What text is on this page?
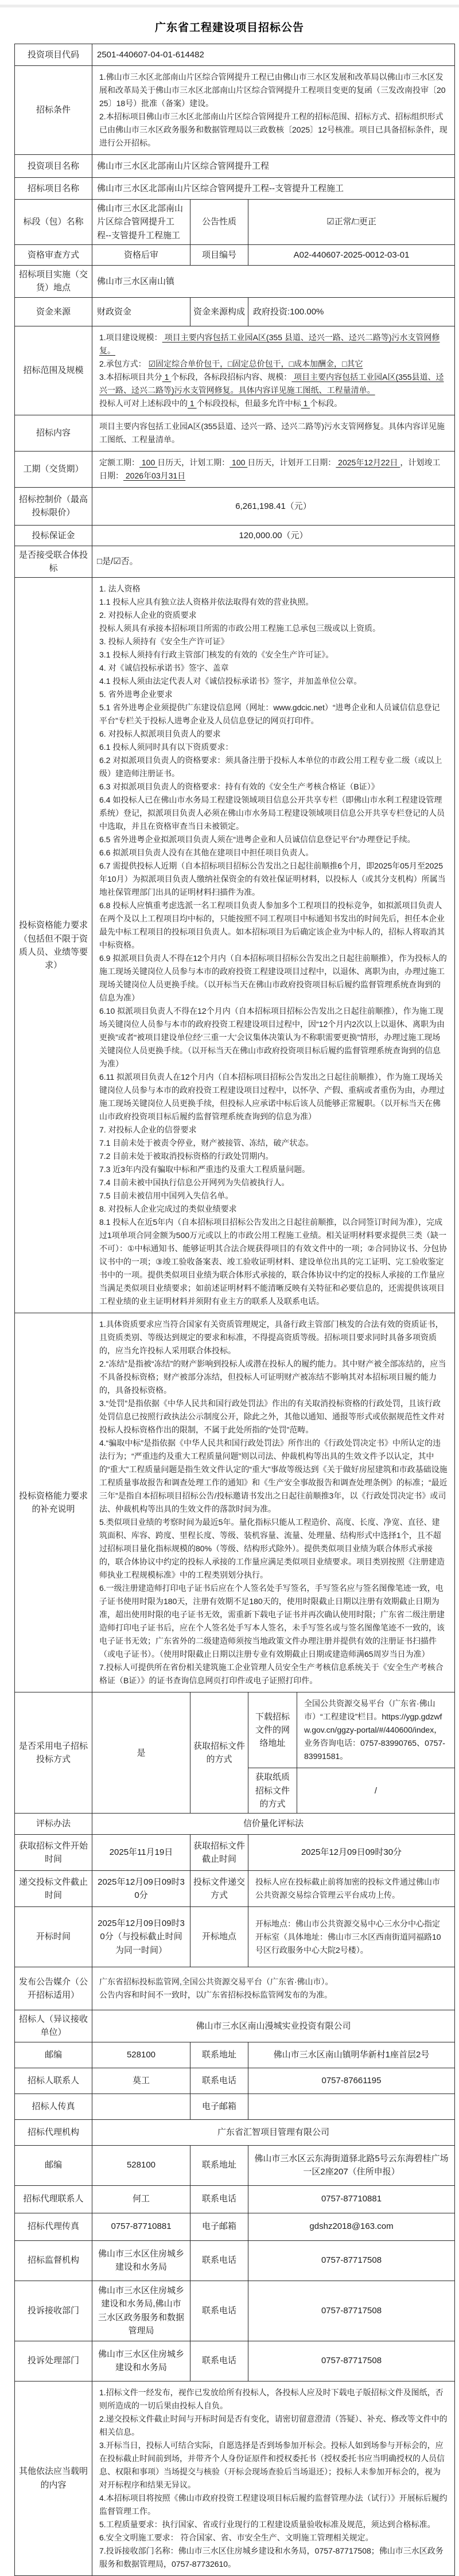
广东省工程建设项目招标公告
投资项目代码	2501-440607-04-01-614482			
招标条件	1.佛山市三水区北部南山片区综合管网提升工程已由佛山市三水区发展和改革局以佛山市三水区发展和改革局关于佛山市三水区北部南山片区综合管网提升工程项目变更的复函（三发改南投审〔2025〕18号）批准（备案）建设。
2.本招标项目佛山市三水区北部南山片区综合管网提升工程的招标范围、招标方式、招标组织形式已由佛山市三水区政务服务和数据管理局以三政数核〔2025〕12号核准。项目已具备招标条件，现进行公开招标。			
投资项目名称	佛山市三水区北部南山片区综合管网提升工程			
招标项目名称	佛山市三水区北部南山片区综合管网提升工程--支管提升工程施工			
标段（包）名称	佛山市三水区北部南山片区综合管网提升工程--支管提升工程施工	公告性质	☑正常/□更正	
资格审查方式	资格后审	项目编号	A02-440607-2025-0012-03-01	
招标项目实施（交货）地点	佛山市三水区南山镇			
资金来源	财政资金	资金来源构成	政府投资:100.00%	
招标范围及规模	1.项目建设规模： 项目主要内容包括工业园A区(355 县道、迳兴一路、迳兴二路等)污水支管网修复。
2.承包方式： ☑固定综合单价包干，□固定总价包干，□成本加酬金，□其它
3.本招标项目共分 1 个标段，各标段招标内容、规模： 项目主要内容包括工业园A区(355县道、迳兴一路、迳兴二路等)污水支管网修复。具体内容详见施工图纸、工程量清单。
投标人可对上述标段中的 1 个标段投标，但最多允许中标 1 个标段。			
招标内容	项目主要内容包括工业园A区(355县道、迳兴一路、迳兴二路等)污水支管网修复。具体内容详见施工图纸、工程量清单。			
工期（交货期）	定额工期： 100 日历天，计划工期： 100 日历天，计划开工日期： 2025年12月22日 ，计划竣工日期： 2026年03月31日			
招标控制价（最高投标限价）	6,261,198.41（元）			
投标保证金	120,000.00（元）			
是否接受联合体投标	□是/☑否。			
投标资格能力要求（包括但不限于资质人员、业绩等要求）	1. 法人资格
1.1 投标人应具有独立法人资格并依法取得有效的营业执照。
2. 对投标人企业的资质要求
投标人须具有承接本招标项目所需的市政公用工程施工总承包三级或以上资质。
3. 投标人须持有《安全生产许可证》
3.1 投标人须持有行政主管部门核发的有效的《安全生产许可证》。
4. 对《诚信投标承诺书》签字、盖章
4.1 投标人须由法定代表人对《诚信投标承诺书》签字，并加盖单位公章。
5. 省外进粤企业要求
5.1 省外进粤企业须提供广东建设信息网（网址：www.gdcic.net）“进粤企业和人员诚信信息登记平台”专栏关于投标人进粤企业及人员信息登记的网页打印件。
6. 对投标人拟派项目负责人的要求
6.1 投标人须同时具有以下资质要求：
6.2 对拟派项目负责人的资格要求：须具备注册于投标人本单位的市政公用工程专业二级（或以上级）建造师注册证书。
6.3 对拟派项目负责人的资格要求：持有有效的《安全生产考核合格证（B证）》
6.4 如投标人已在佛山市水务局工程建设领域项目信息公开共享专栏（即佛山市水利工程建设管理系统）登记，拟派项目负责人必须在佛山市水务局工程建设领域项目信息公开共享专栏登记的人员中选取，并且在资格审查当日未被锁定。
6.5 省外进粤企业拟派项目负责人须在“进粤企业和人员诚信信息登记平台”办理登记手续。
6.6 拟派项目负责人没有在其他在建项目中担任项目负责人。
6.7 需提供投标人近期（自本招标项目招标公告发出之日起往前顺推6个月，即2025年05月至2025年10月）为拟派项目负责人缴纳社保资金的有效社保证明材料，以投标人（或其分支机构）所属当地社保管理部门出具的证明材料扫描件为准。
6.8 投标人应慎重考虑选派一名工程项目负责人参加多个工程项目的投标竞争，如拟派项目负责人在两个及以上工程项目均中标的，只能按照不同工程项目中标通知书发出的时间先后，担任本企业最先中标工程项目的投标项目负责人。如本招标项目为后确定该企业为中标人的，招标人将取消其中标资格。
6.9 拟派项目负责人不得在12个月内（自本招标项目招标公告发出之日起往前顺推），作为投标人的施工现场关键岗位人员参与本市的政府投资工程建设项目过程中，以退休、离职为由，办理过施工现场关键岗位人员更换手续。（以开标当天在佛山市政府投资项目标后履约监督管理系统查询到的信息为准）
6.10 拟派项目负责人不得在12个月内（自本招标项目招标公告发出之日起往前顺推），作为施工现场关键岗位人员参与本市的政府投资工程建设项目过程中，因“12个月内2次以上以退休、离职为由更换”或者“被项目建设单位经‘三重一大’会议集体决策认为不称职需要更换”情形，办理过施工现场关键岗位人员更换手续。（以开标当天在佛山市政府投资项目标后履约监督管理系统查询到的信息为准）
6.11 拟派项目负责人在12个月内（自本招标项目招标公告发出之日起往前顺推），作为施工现场关键岗位人员参与本市的政府投资工程建设项目过程中，以怀孕、产假、重病或者重伤为由，办理过施工现场关键岗位人员更换手续，但投标人应承诺中标后该人员能够正常履职。（以开标当天在佛山市政府投资项目标后履约监督管理系统查询到的信息为准）
7. 对投标人企业的信誉要求
7.1 目前未处于被责令停业，财产被接管、冻结，破产状态。
7.2 目前未处于被取消投标资格的行政处罚期内。
7.3 近3年内没有骗取中标和严重违约及重大工程质量问题。
7.4 目前未被中国执行信息公开网列为失信被执行人。
7.5 目前未被信用中国列入失信名单。
8. 对投标人企业完成过的类似业绩要求
8.1 投标人在近5年内（自本招标项目招标公告发出之日起往前顺推，以合同签订时间为准），完成过1项单项合同金额为500万元或以上的市政公用工程施工业绩。相关证明材料要求提供三类（缺一不可）：①中标通知书、能够证明其合法合规获得项目的有效文件中的一项；②合同协议书、分包协议书中的一项；③竣工验收备案表、竣工验收证明材料、建设单位出具的完工证明、完工验收鉴定书中的一项。提供类似项目业绩为联合体形式承接的，联合体协议中约定的投标人承接的工作量应当满足类似项目业绩要求；如前述证明材料不能清晰反映有关特征和必要信息的，还需提供该项目工程业绩的业主证明材料并须附有业主方的联系人及联系电话。
投标资格能力要求的补充说明	1.具体资质要求应当符合国家有关资质管理规定，具备行政主管部门核发的合法有效的资质证书，且资质类别、等级达到规定的要求和标准，不得提高资质等级。招标项目要求同时具备多项资质的，应当允许投标人采用联合体投标。
2.“冻结”是指被“冻结”的财产影响到投标人或潜在投标人的履约能力。其中财产被全部冻结的，应当不具备投标资格；财产被部分冻结，但投标人可证明财产被冻结不影响其对本招标项目履约能力的，具备投标资格。
3.“处罚”是指依据《中华人民共和国行政处罚法》作出的有关取消投标资格的行政处罚，且该行政处罚信息已按照行政执法公示制度公开，除此之外，其他以通知、通报等形式或依据规范性文件对投标人投标资格作出的限制，不属于此处所指的“处罚”范畴。
4.“骗取中标”是指依据《中华人民共和国行政处罚法》所作出的《行政处罚决定书》中所认定的违法行为；“严重违约及重大工程质量问题”则以司法、仲裁机构等出具的生效文件予以认定，其中的“重大”工程质量问题是指生效文件认定的“重大”事故等级达到《关于做好房屋建筑和市政基础设施工程质量事故报告和调查处理工作的通知》和《生产安全事故报告和调查处理条例》的标准；“最近三年”是指自本招标项目招标公告/投标邀请书发出之日起往前顺推3年，以《行政处罚决定书》或司法、仲裁机构等出具的生效文件的落款时间为准。
5.类似项目业绩的考察时间为最近5年。量化指标只能从工程造价、高度、长度、净宽、直径、建筑面积、库容、跨度、里程长度、等级、装机容量、流量、处理量、结构形式中选择1个，且不超过招标项目量化指标规模的80%（等级、结构形式除外）。提供类似项目业绩为联合体形式承接的，联合体协议中约定的投标人承接的工作量应满足类似项目业绩要求。项目类别按照《注册建造师执业工程规模标准》中的工程类别划分执行。
6.一级注册建造师打印电子证书后应在个人签名处手写签名，手写签名应与签名图像笔迹一致，电子证书使用时限为180天，注册有效期不足180天的，使用时限截止日期以注册有效期截止日期为准，超出使用时限的电子证书无效，需重新下载电子证书并再次确认使用时限；广东省二级注册建造师打印电子证书后，应在个人签名处手写本人签名，未手写签名或与签名图像笔迹不一致的，该电子证书无效；广东省外的二级建造师须按当地政策文件办理注册并提供有效的注册证书扫描件（或电子证书）。（使用时限截止日期以注册专业有效期截止日期或建造师满65周岁当日为准）
7.投标人可提供所在省份相关建筑施工企业管理人员安全生产考核信息系统关于《安全生产考核合格证（B证）》的证书查询信息网页打印件或电子证照打印件。
是否采用电子招标投标方式	是	获取招标文件的方式	下载招标文件的网络地址	全国公共资源交易平台（广东省·佛山市）“工程建设”栏目。https://ygp.gdzwfw.gov.cn/ggzy-portal/#/440600/index，业务咨询电话：0757-83990765、0757-83991581。
			获取纸质招标文件的方式	/
评标办法	信价量化评标法			
获取招标文件开始时间	2025年11月19日	获取招标文件截止时间	2025年12月09日09时30分	
递交投标文件截止时间	2025年12月09日09时30分	投标文件递交方式	投标人应在投标截止前将加密的投标文件通过佛山市公共资源交易综合管理云平台成功上传。	
开标时间	2025年12月09日09时30分（与投标截止时间为同一时间）	开标地点	开标地点：佛山市公共资源交易中心三水分中心指定开标室（具体地址：佛山市三水区西南街道同福路10号区行政服务中心大院2号楼）。	
发布公告媒介（公开招标适用）	广东省招标投标监管网,全国公共资源交易平台（广东省·佛山市）。
公告内容和时间不一致时，以广东省招标投标监管网发布的为准。			
招标人（异议接收单位）	佛山市三水区南山漫城实业投资有限公司			
邮编	528100	联系地址	佛山市三水区南山镇明华新村1座首层2号	
招标人联系人	莫工	联系电话	0757-87661195	
招标人传真		电子邮箱		
招标代理机构	广东省汇智项目管理有限公司			
邮编	528100	联系地址	佛山市三水区云东海街道驿北路5号云东海碧桂广场一区2座207（住所申报）	
招标代理联系人	何工	联系电话	0757-87710881	
招标代理传真	0757-87710881	电子邮箱	gdshz2018@163.com	
招标监督机构	佛山市三水区住房城乡建设和水务局	联系电话	0757-87717508	
投诉接收部门	佛山市三水区住房城乡建设和水务局,佛山市三水区政务服务和数据管理局	联系电话	0757-87717508	
投诉处理部门	佛山市三水区住房城乡建设和水务局	联系电话	0757-87717508	
其他依法应当载明的内容	1.招标文件一经发布，视作已发放给所有投标人，各投标人应及时下载电子版招标文件及图纸，否则所造成的一切后果由投标人自负。
2.递交投标文件截止时间与开标时间是否有变化，请密切留意澄清（答疑）、补充、修改等文件中的相关信息。
3.开标当日，投标人可结合实际，自愿选择是否到场参加开标会。投标人如到场参与开标会的，应在投标截止时间前到场，并带齐个人身份证原件和授权委托书（授权委托书应当明确授权的人员信息、权限和事项）当场提交与核验（开标会现场查验后当场退还）；投标人未参加开标会的，视为对开标程序和结果无异议。
4.本招标项目将按照《佛山市政府投资工程建设项目标后履约监督管理办法（试行）》开展标后履约监督管理工作。
5.工程质量要求：执行国家、省或行业现行的工程建设质量验收标准及规范，须达到合格标准。
6.安全文明施工要求： 符合国家、省、市安全生产、文明施工管理相关规定。
7.投诉接收部门名称：佛山市三水区住房城乡建设和水务局，0757-87717508；佛山市三水区政务服务和数据管理局，0757-87732610。
